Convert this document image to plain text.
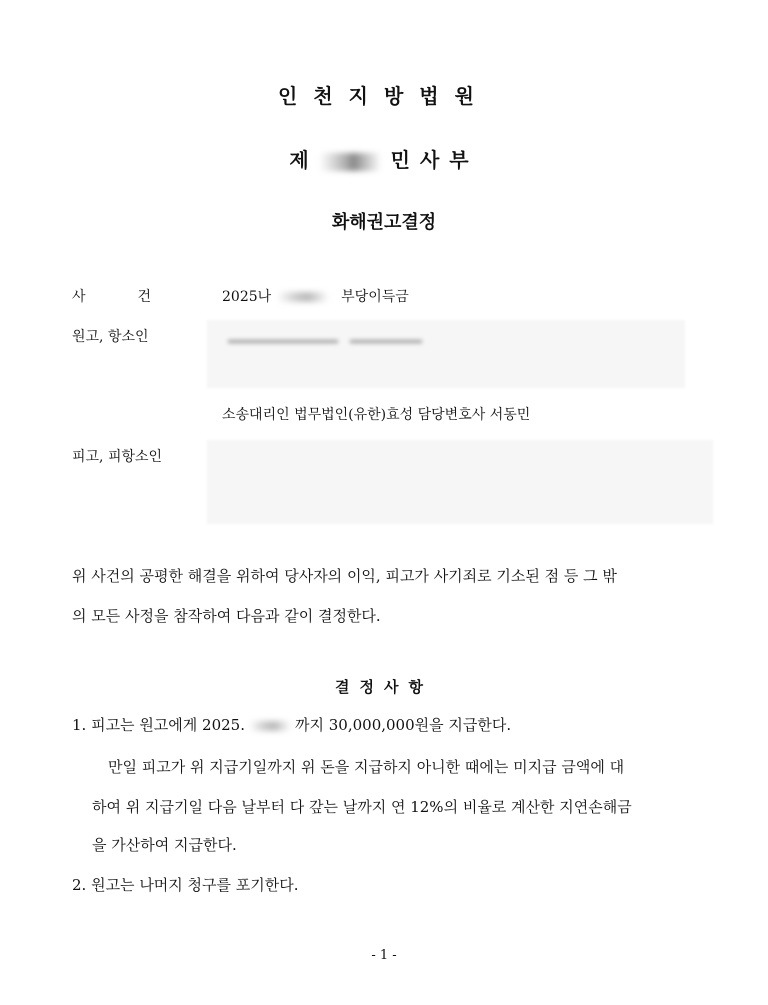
인천지방법원
제	민사부
화해권고결정
사건 2025나	부당이득금
원고, 항소인
소송대리인 법무법인(유한)효성 담당변호사 서동민
피고, 피항소인
위 사건의 공평한 해결을 위하여 당사자의 이익, 피고가 사기죄로 기소된 점 등 그 밖
의 모든 사정을 참작하여 다음과 같이 결정한다.
결정사항
1. 피고는 원고에게 2025.	까지 30,000,000원을 지급한다.
만일 피고가 위 지급기일까지 위 돈을 지급하지 아니한 때에는 미지급 금액에 대
하여 위 지급기일 다음 날부터 다 갚는 날까지 연 12%의 비율로 계산한 지연손해금
을 가산하여 지급한다.
2. 원고는 나머지 청구를 포기한다.
- 1 -
